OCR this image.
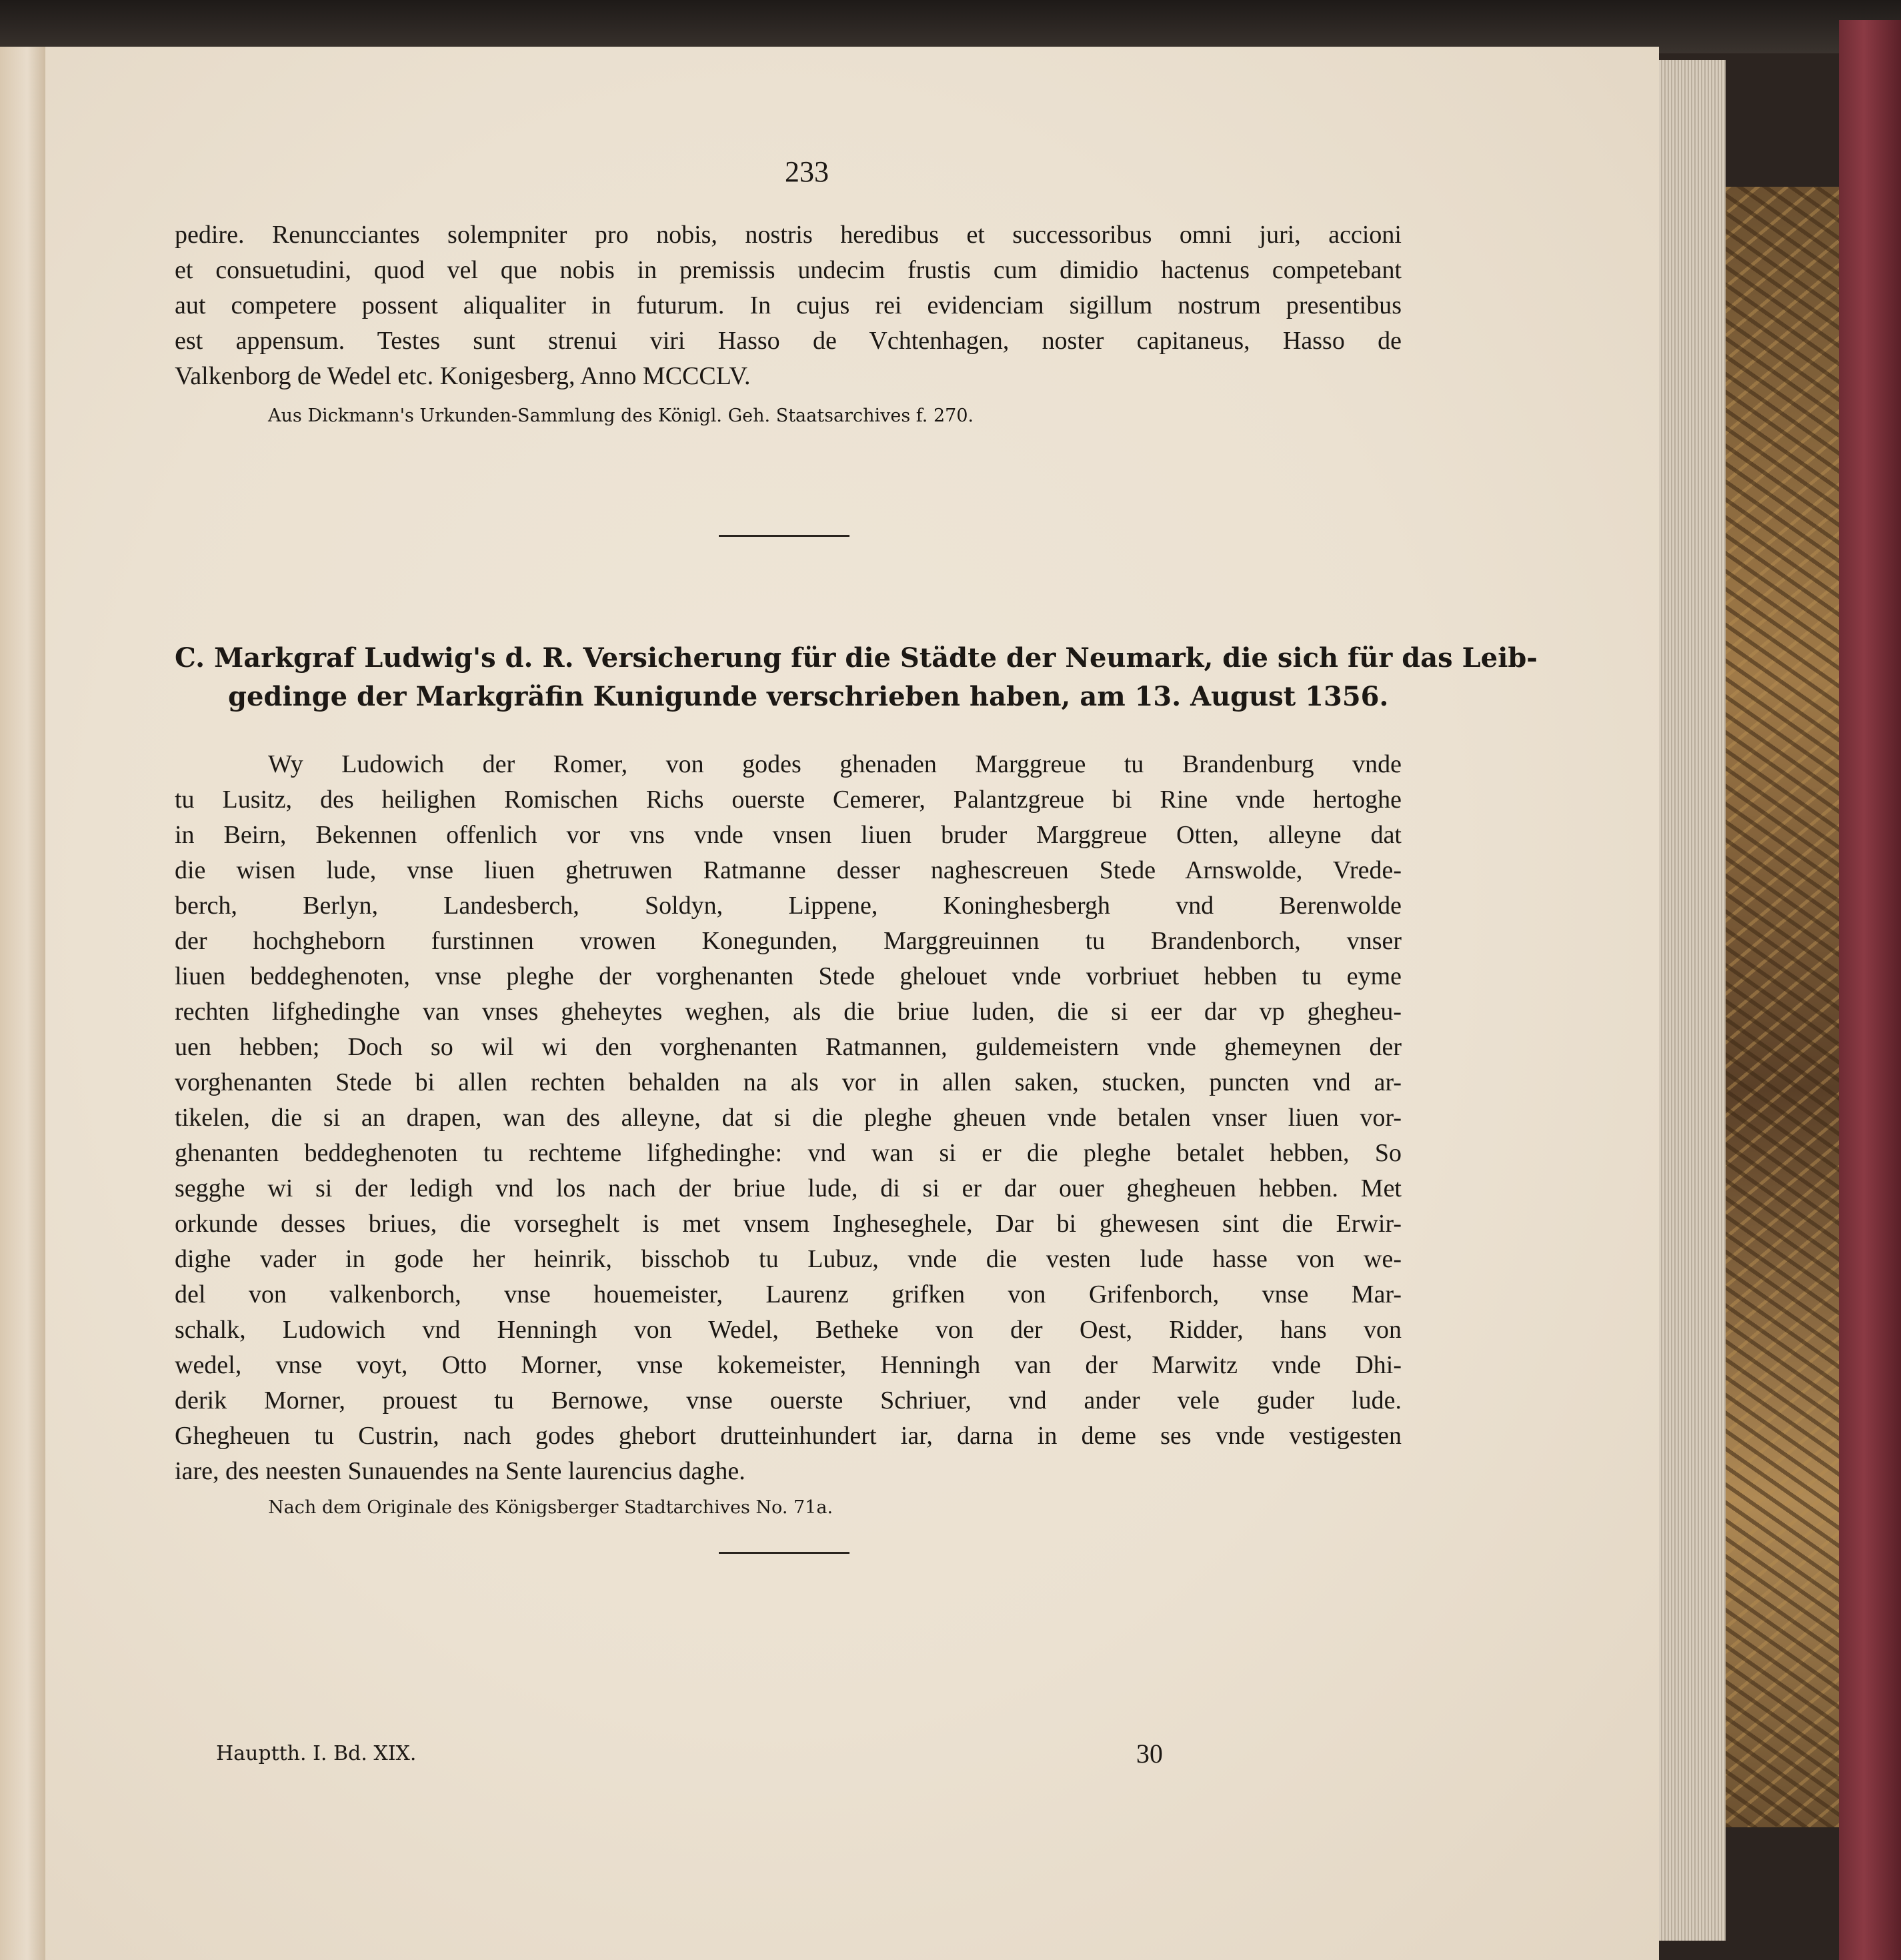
233

pedire. Renuncciantes solempniter pro nobis, nostris heredibus et successoribus omni juri, accioni
et consuetudini, quod vel que nobis in premissis undecim frustis cum dimidio hactenus competebant
aut competere possent aliqualiter in futurum. In cujus rei evidenciam sigillum nostrum presentibus
est appensum. Testes sunt strenui viri Hasso de Vchtenhagen, noster capitaneus, Hasso de
Valkenborg de Wedel etc. Konigesberg, Anno MCCCLV.

Aus Dickmann's Urkunden-Sammlung des Königl. Geh. Staatsarchives f. 270.
C. Markgraf Ludwig's d. R. Versicherung für die Städte der Neumark, die sich für das Leib-
gedinge der Markgräfin Kunigunde verschrieben haben, am 13. August 1356.

Wy Ludowich der Romer, von godes ghenaden Marggreue tu Brandenburg vnde
tu Lusitz, des heilighen Romischen Richs ouerste Cemerer, Palantzgreue bi Rine vnde hertoghe
in Beirn, Bekennen offenlich vor vns vnde vnsen liuen bruder Marggreue Otten, alleyne dat
die wisen lude, vnse liuen ghetruwen Ratmanne desser naghescreuen Stede Arnswolde, Vrede-
berch, Berlyn, Landesberch, Soldyn, Lippene, Koninghesbergh vnd Berenwolde
der hochgheborn furstinnen vrowen Konegunden, Marggreuinnen tu Brandenborch, vnser
liuen beddeghenoten, vnse pleghe der vorghenanten Stede ghelouet vnde vorbriuet hebben tu eyme
rechten lifghedinghe van vnses gheheytes weghen, als die briue luden, die si eer dar vp ghegheu-
uen hebben; Doch so wil wi den vorghenanten Ratmannen, guldemeistern vnde ghemeynen der
vorghenanten Stede bi allen rechten behalden na als vor in allen saken, stucken, puncten vnd ar-
tikelen, die si an drapen, wan des alleyne, dat si die pleghe gheuen vnde betalen vnser liuen vor-
ghenanten beddeghenoten tu rechteme lifghedinghe: vnd wan si er die pleghe betalet hebben, So
segghe wi si der ledigh vnd los nach der briue lude, di si er dar ouer ghegheuen hebben. Met
orkunde desses briues, die vorseghelt is met vnsem Ingheseghele, Dar bi ghewesen sint die Erwir-
dighe vader in gode her heinrik, bisschob tu Lubuz, vnde die vesten lude hasse von we-
del von valkenborch, vnse houemeister, Laurenz grifken von Grifenborch, vnse Mar-
schalk, Ludowich vnd Henningh von Wedel, Betheke von der Oest, Ridder, hans von
wedel, vnse voyt, Otto Morner, vnse kokemeister, Henningh van der Marwitz vnde Dhi-
derik Morner, prouest tu Bernowe, vnse ouerste Schriuer, vnd ander vele guder lude.
Ghegheuen tu Custrin, nach godes ghebort drutteinhundert iar, darna in deme ses vnde vestigesten
iare, des neesten Sunauendes na Sente laurencius daghe.

Nach dem Originale des Königsberger Stadtarchives No. 71a.
Hauptth. I. Bd. XIX.	30
